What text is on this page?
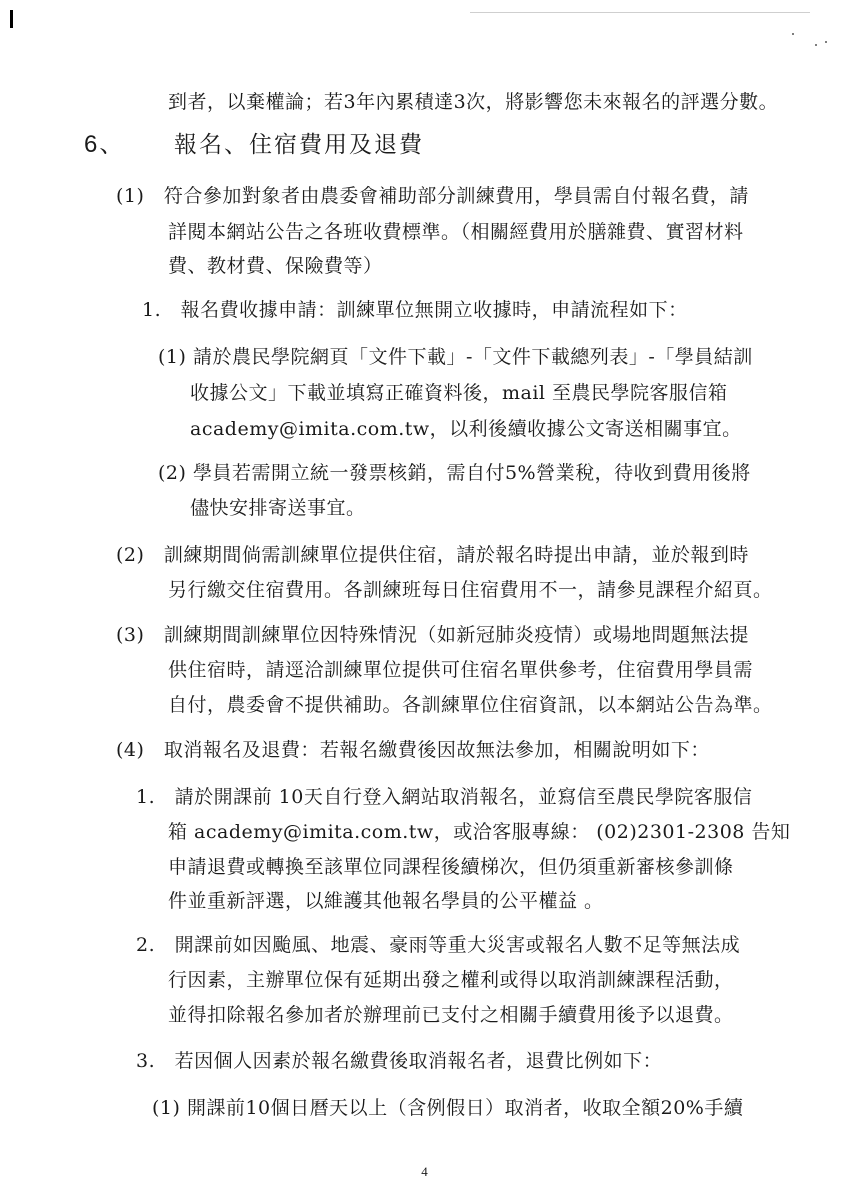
到者，以棄權論；若3年內累積達3次，將影響您未來報名的評選分數。
6、 報名、住宿費用及退費
(1)　符合參加對象者由農委會補助部分訓練費用，學員需自付報名費，請
詳閱本網站公告之各班收費標準。（相關經費用於膳雜費、實習材料
費、教材費、保險費等）
1.　報名費收據申請：訓練單位無開立收據時，申請流程如下：
(1) 請於農民學院網頁「文件下載」-「文件下載總列表」-「學員結訓
收據公文」下載並填寫正確資料後，mail 至農民學院客服信箱
academy@imita.com.tw，以利後續收據公文寄送相關事宜。
(2) 學員若需開立統一發票核銷，需自付5%營業稅，待收到費用後將
儘快安排寄送事宜。
(2)　訓練期間倘需訓練單位提供住宿，請於報名時提出申請，並於報到時
另行繳交住宿費用。各訓練班每日住宿費用不一，請參見課程介紹頁。
(3)　訓練期間訓練單位因特殊情況（如新冠肺炎疫情）或場地問題無法提
供住宿時，請逕洽訓練單位提供可住宿名單供參考，住宿費用學員需
自付，農委會不提供補助。各訓練單位住宿資訊，以本網站公告為準。
(4)　取消報名及退費：若報名繳費後因故無法參加，相關說明如下：
1.　請於開課前 10天自行登入網站取消報名，並寫信至農民學院客服信
箱 academy@imita.com.tw，或洽客服專線： (02)2301-2308 告知
申請退費或轉換至該單位同課程後續梯次，但仍須重新審核參訓條
件並重新評選，以維護其他報名學員的公平權益 。
2.　開課前如因颱風、地震、豪雨等重大災害或報名人數不足等無法成
行因素，主辦單位保有延期出發之權利或得以取消訓練課程活動，
並得扣除報名參加者於辦理前已支付之相關手續費用後予以退費。
3.　若因個人因素於報名繳費後取消報名者，退費比例如下：
(1) 開課前10個日曆天以上（含例假日）取消者，收取全額20%手續
4
